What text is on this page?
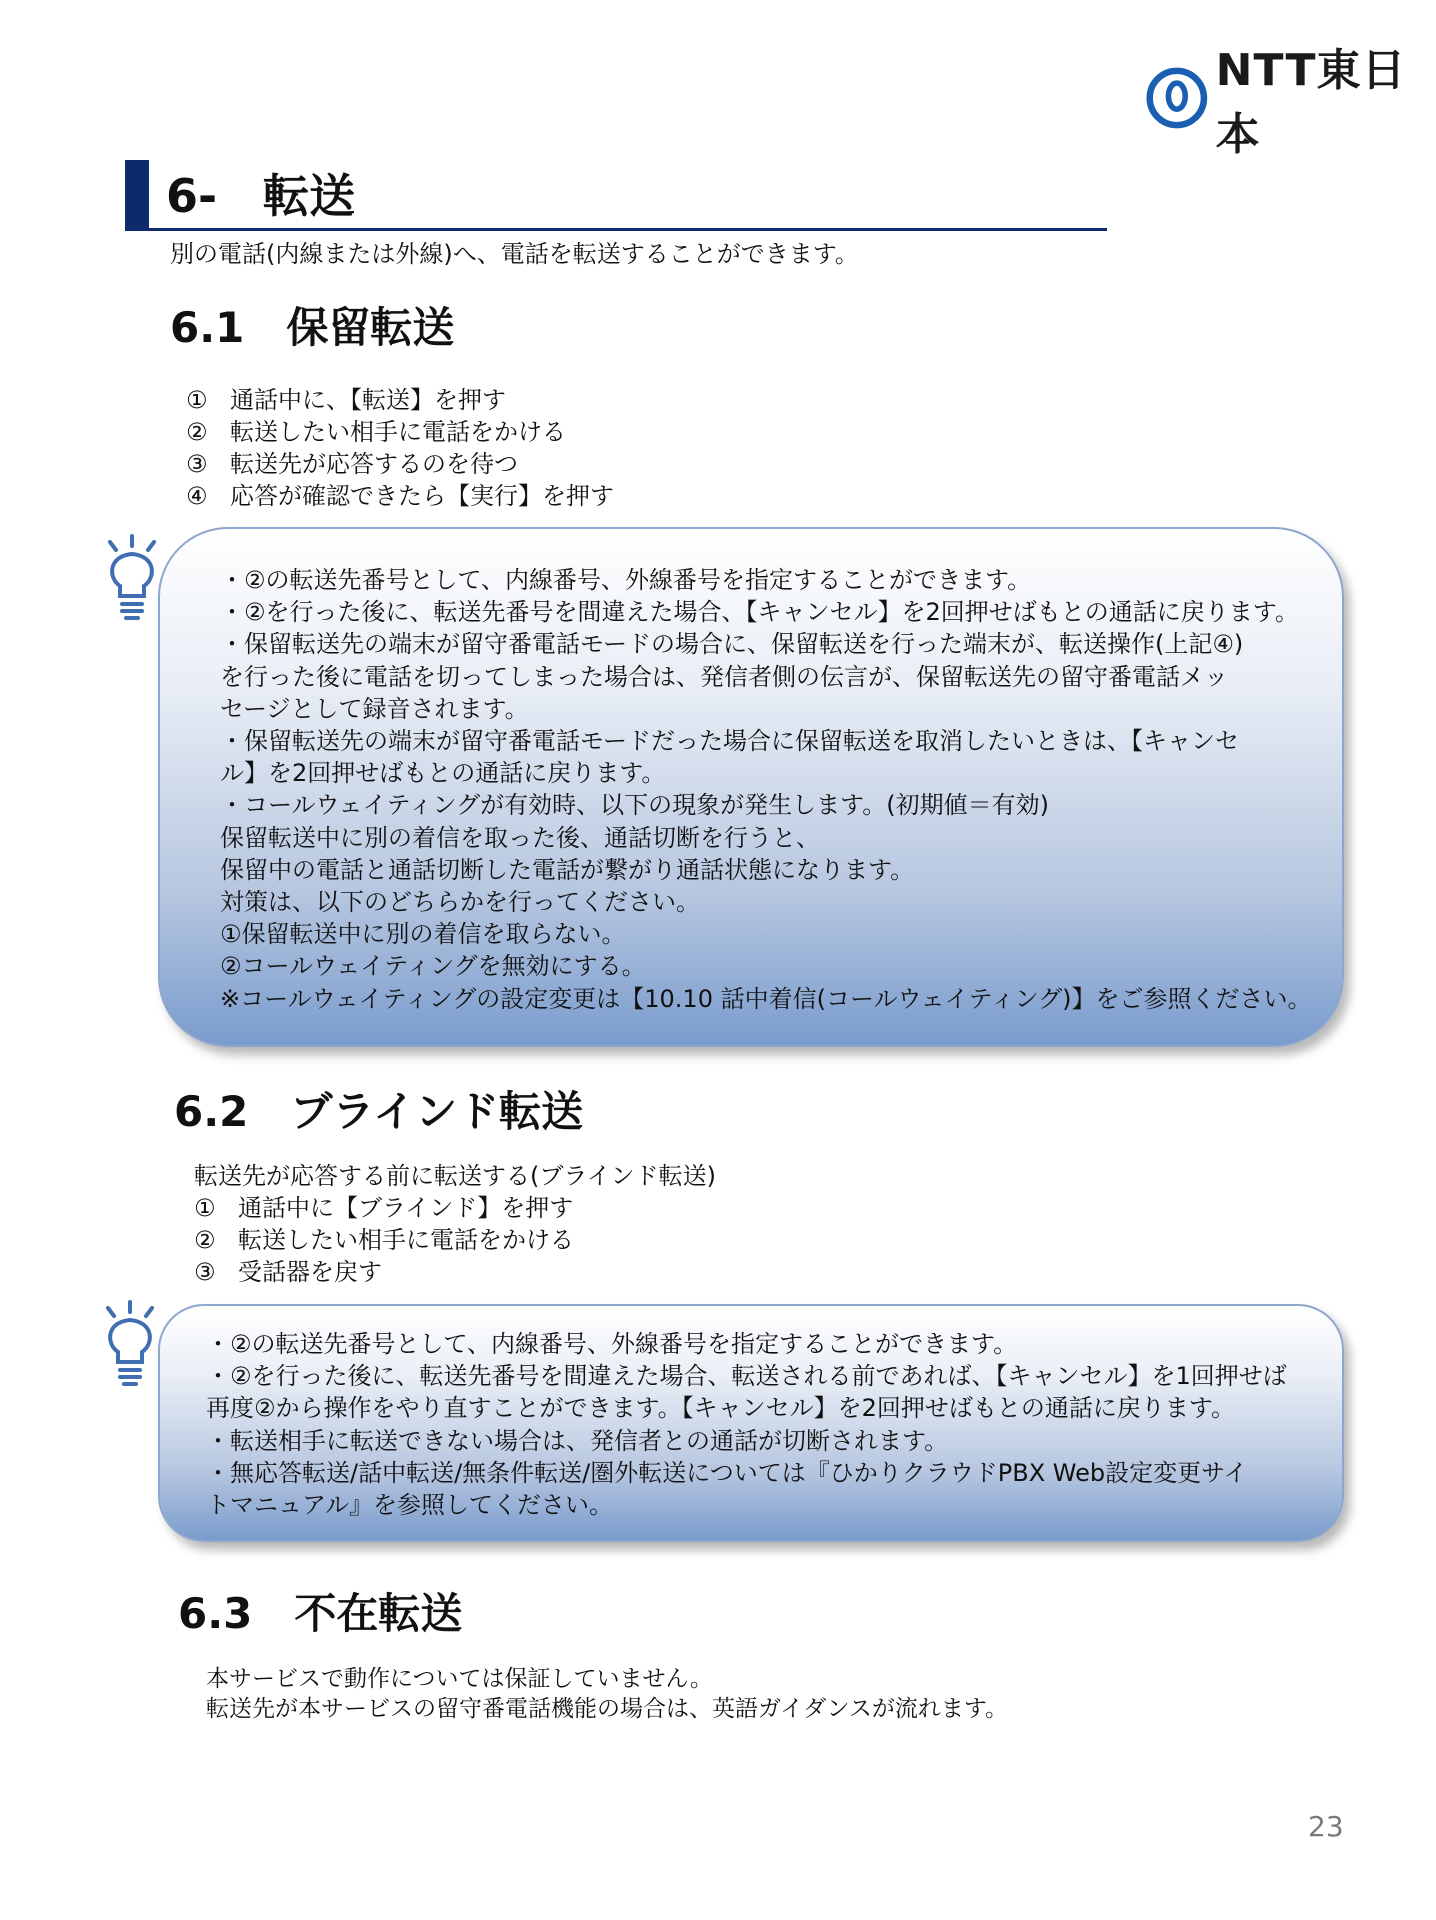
NTT東日本
6-　転送
別の電話(内線または外線)へ、電話を転送することができます。
6.1　保留転送
① 通話中に、【転送】を押す
② 転送したい相手に電話をかける
③ 転送先が応答するのを待つ
④ 応答が確認できたら【実行】を押す
・②の転送先番号として、内線番号、外線番号を指定することができます。
・②を行った後に、転送先番号を間違えた場合、【キャンセル】を2回押せばもとの通話に戻ります。
・保留転送先の端末が留守番電話モードの場合に、保留転送を行った端末が、転送操作(上記④)
を行った後に電話を切ってしまった場合は、発信者側の伝言が、保留転送先の留守番電話メッ
セージとして録音されます。
・保留転送先の端末が留守番電話モードだった場合に保留転送を取消したいときは、【キャンセ
ル】を2回押せばもとの通話に戻ります。
・コールウェイティングが有効時、以下の現象が発生します。(初期値＝有効)
保留転送中に別の着信を取った後、通話切断を行うと、
保留中の電話と通話切断した電話が繋がり通話状態になります。
対策は、以下のどちらかを行ってください。
①保留転送中に別の着信を取らない。
②コールウェイティングを無効にする。
※コールウェイティングの設定変更は【10.10 話中着信(コールウェイティング)】をご参照ください。
6.2　ブラインド転送
転送先が応答する前に転送する(ブラインド転送)
① 通話中に【ブラインド】を押す
② 転送したい相手に電話をかける
③ 受話器を戻す
・②の転送先番号として、内線番号、外線番号を指定することができます。
・②を行った後に、転送先番号を間違えた場合、転送される前であれば、【キャンセル】を1回押せば
再度②から操作をやり直すことができます。【キャンセル】を2回押せばもとの通話に戻ります。
・転送相手に転送できない場合は、発信者との通話が切断されます。
・無応答転送/話中転送/無条件転送/圏外転送については『ひかりクラウドPBX Web設定変更サイ
トマニュアル』を参照してください。
6.3　不在転送
本サービスで動作については保証していません。
転送先が本サービスの留守番電話機能の場合は、英語ガイダンスが流れます。
23
